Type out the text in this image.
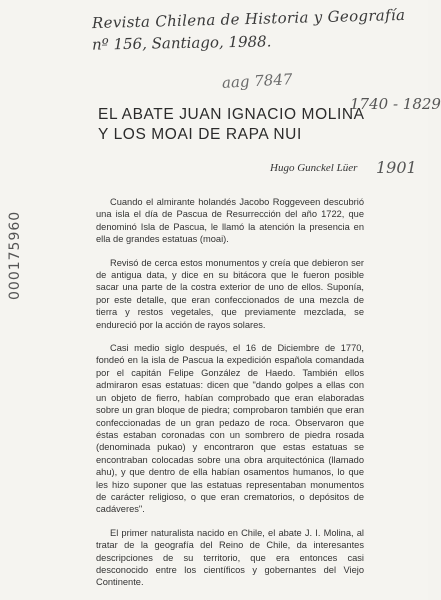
Revista Chilena de Historia y Geografía
nº 156, Santiago, 1988.
aag 7847
1740 - 1829
1901
000175960
EL ABATE JUAN IGNACIO MOLINA
Y LOS MOAI DE RAPA NUI
Hugo Gunckel Lüer

Cuando el almirante holandés Jacobo Roggeveen descubrió una isla el día de Pascua de Resurrección del año 1722, que denominó Isla de Pascua, le llamó la atención la presencia en ella de grandes estatuas (moai).

Revisó de cerca estos monumentos y creía que debieron ser de antigua data, y dice en su bitácora que le fueron posible sacar una parte de la costra exterior de uno de ellos. Suponía, por este detalle, que eran confeccionados de una mezcla de tierra y restos vegetales, que previamente mezclada, se endureció por la acción de rayos solares.

Casi medio siglo después, el 16 de Diciembre de 1770, fondeó en la isla de Pascua la expedición española comandada por el capitán Felipe González de Haedo. También ellos admiraron esas estatuas: dicen que "dando golpes a ellas con un objeto de fierro, habían comprobado que eran elaboradas sobre un gran bloque de piedra; comprobaron también que eran confeccionadas de un gran pedazo de roca. Observaron que éstas estaban coronadas con un sombrero de piedra rosada (denominada pukao) y encontraron que estas estatuas se encontraban colocadas sobre una obra arquitectónica (llamado ahu), y que dentro de ella habían osamentos humanos, lo que les hizo suponer que las estatuas representaban monumentos de carácter religioso, o que eran crematorios, o depósitos de cadáveres".

El primer naturalista nacido en Chile, el abate J. I. Molina, al tratar de la geografía del Reino de Chile, da interesantes descripciones de su territorio, que era entonces casi desconocido entre los científicos y gobernantes del Viejo Continente.
